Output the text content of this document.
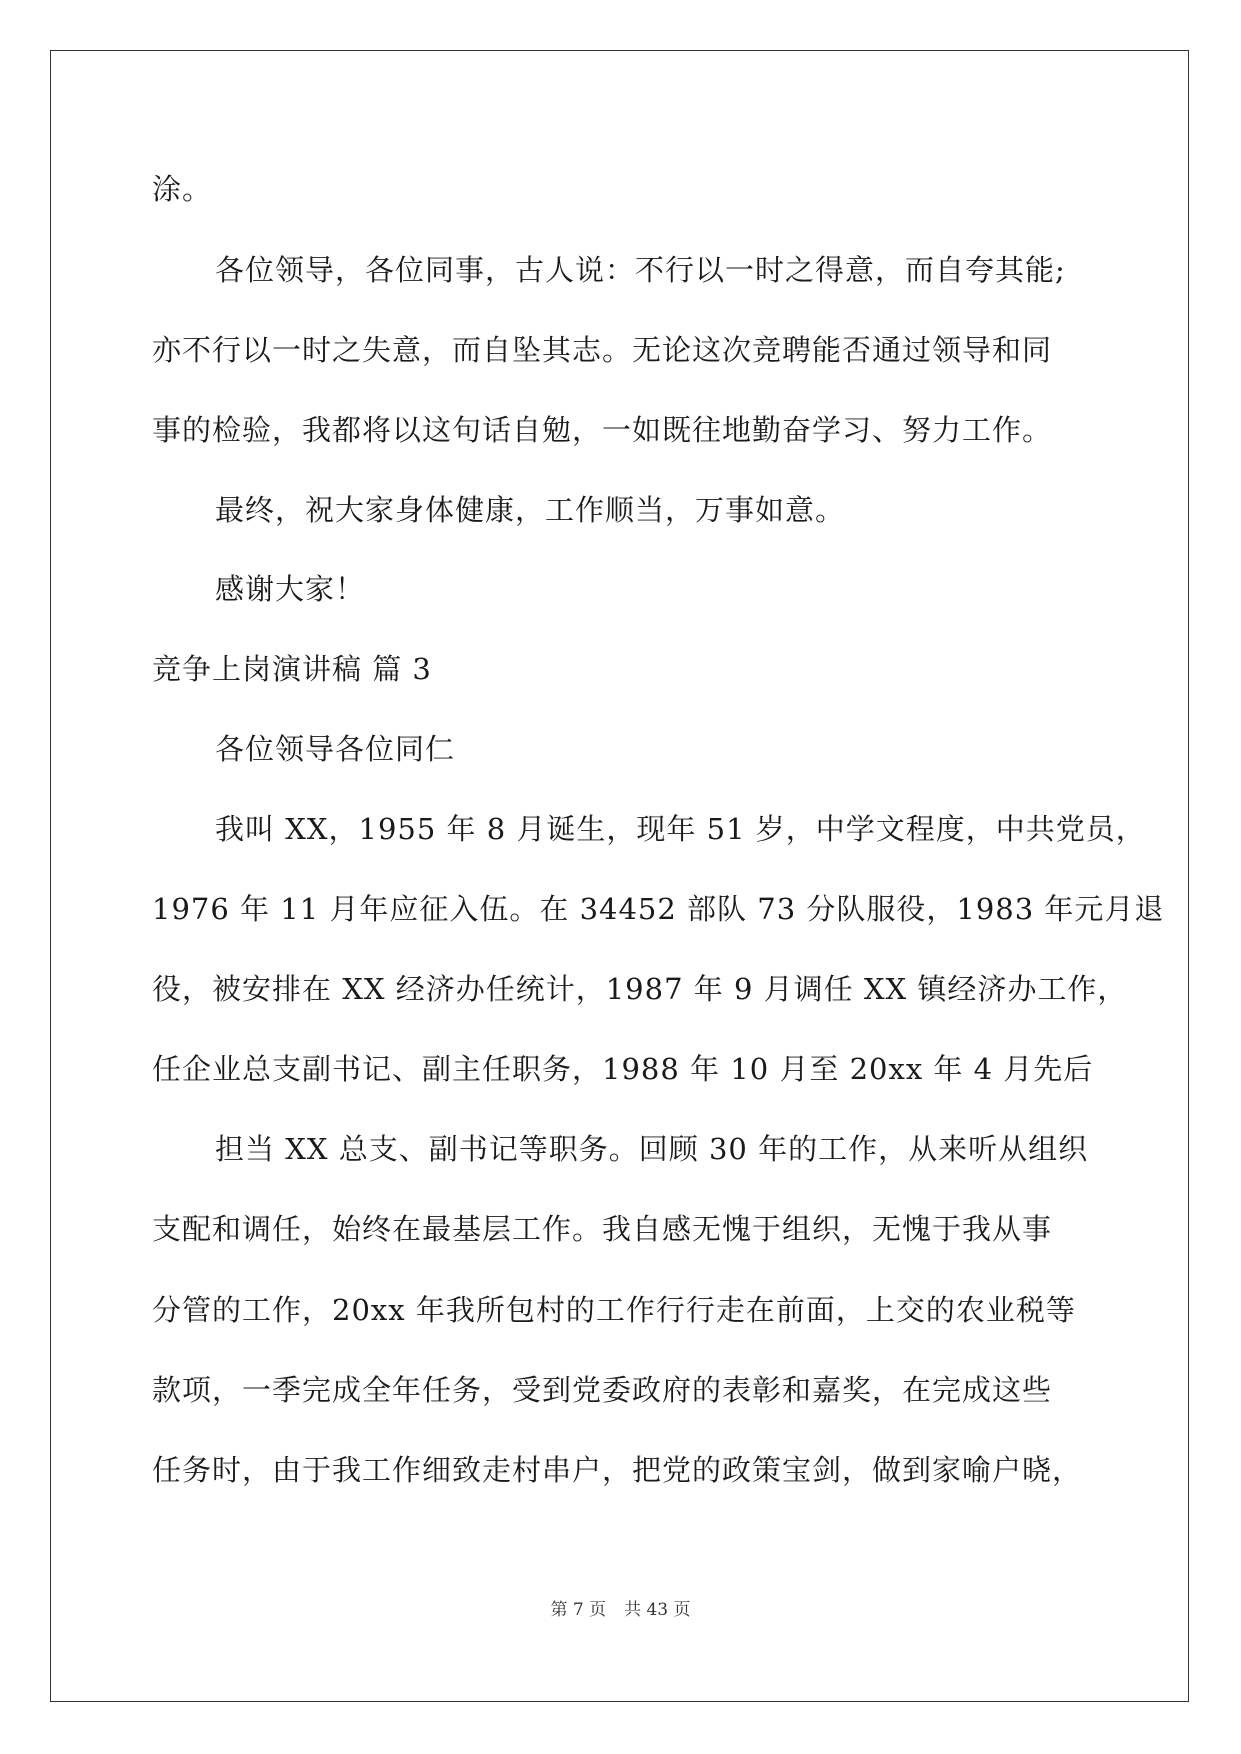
涂。
各位领导，各位同事，古人说：不行以一时之得意，而自夸其能;
亦不行以一时之失意，而自坠其志。无论这次竞聘能否通过领导和同
事的检验，我都将以这句话自勉，一如既往地勤奋学习、努力工作。
最终，祝大家身体健康，工作顺当，万事如意。
感谢大家！
竞争上岗演讲稿 篇 3
各位领导各位同仁
我叫 XX，1955 年 8 月诞生，现年 51 岁，中学文程度，中共党员，
1976 年 11 月年应征入伍。在 34452 部队 73 分队服役，1983 年元月退
役，被安排在 XX 经济办任统计，1987 年 9 月调任 XX 镇经济办工作，
任企业总支副书记、副主任职务，1988 年 10 月至 20xx 年 4 月先后
担当 XX 总支、副书记等职务。回顾 30 年的工作，从来听从组织
支配和调任，始终在最基层工作。我自感无愧于组织，无愧于我从事
分管的工作，20xx 年我所包村的工作行行走在前面，上交的农业税等
款项，一季完成全年任务，受到党委政府的表彰和嘉奖，在完成这些
任务时，由于我工作细致走村串户，把党的政策宝剑，做到家喻户晓，
第 7 页 共 43 页
